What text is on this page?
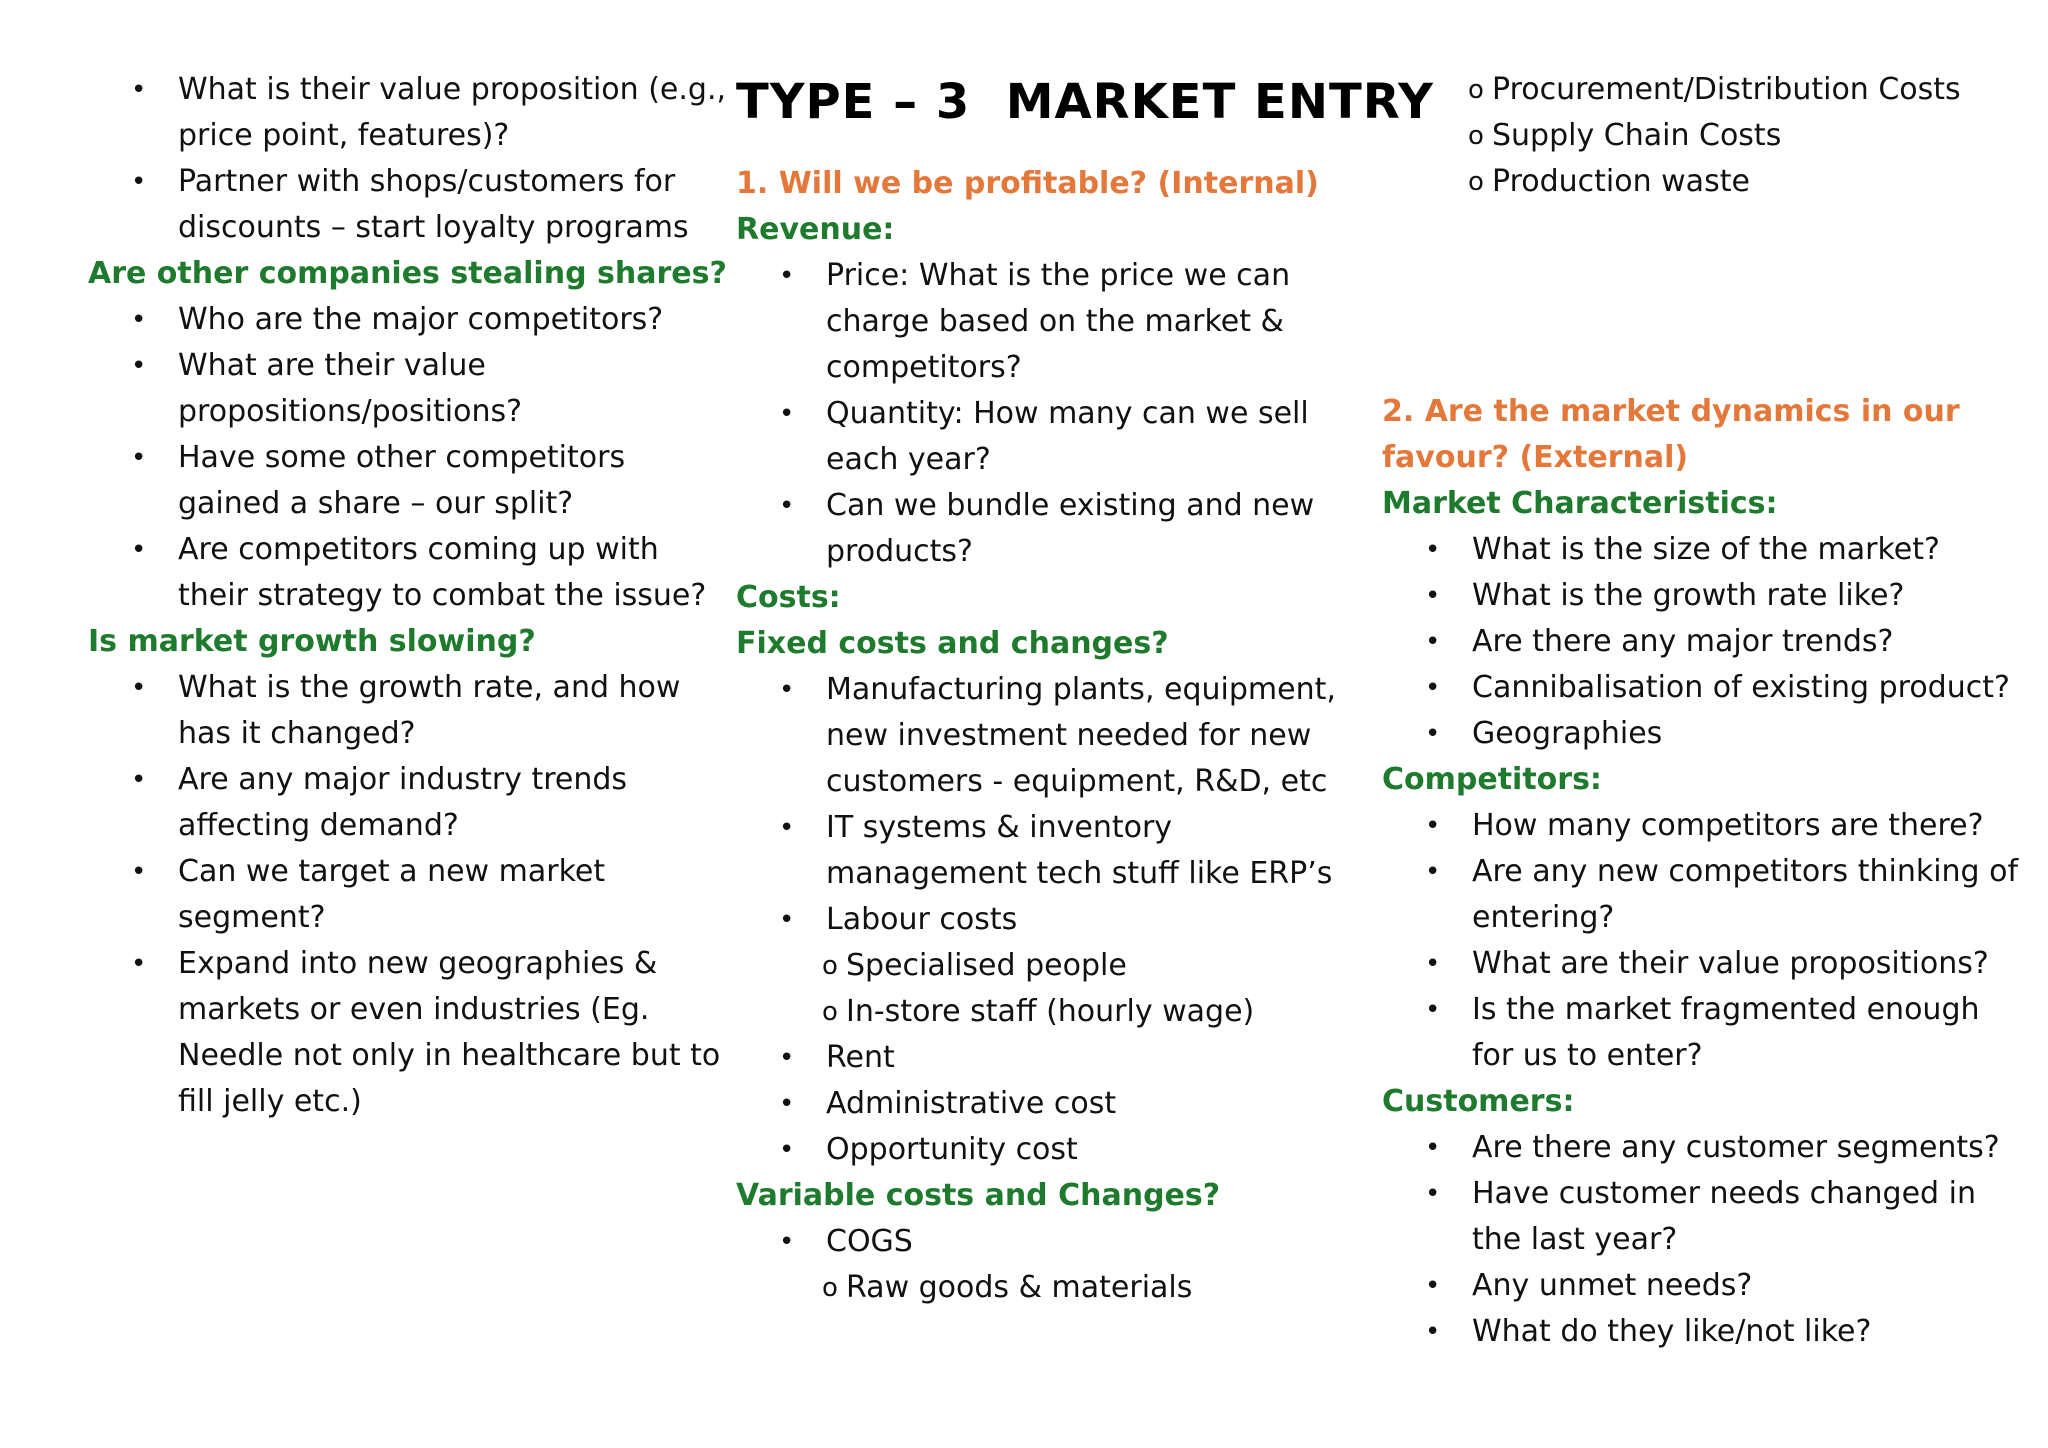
•	What is their value proposition (e.g.,
price point, features)?
•	Partner with shops/customers for
discounts – start loyalty programs
Are other companies stealing shares?
•	Who are the major competitors?
•	What are their value
propositions/positions?
•	Have some other competitors
gained a share – our split?
•	Are competitors coming up with
their strategy to combat the issue?
Is market growth slowing?
•	What is the growth rate, and how
has it changed?
•	Are any major industry trends
affecting demand?
•	Can we target a new market
segment?
•	Expand into new geographies &
markets or even industries (Eg.
Needle not only in healthcare but to
fill jelly etc.)
TYPE – 3  MARKET ENTRY
1. Will we be profitable? (Internal)
Revenue:
•	Price: What is the price we can
charge based on the market &
competitors?
•	Quantity: How many can we sell
each year?
•	Can we bundle existing and new
products?
Costs:
Fixed costs and changes?
•	Manufacturing plants, equipment,
new investment needed for new
customers - equipment, R&D, etc
•	IT systems & inventory
management tech stuff like ERP’s
•	Labour costs
o Specialised people
o In-store staff (hourly wage)
•	Rent
•	Administrative cost
•	Opportunity cost
Variable costs and Changes?
•	COGS
o Raw goods & materials
o Procurement/Distribution Costs
o Supply Chain Costs
o Production waste
2. Are the market dynamics in our
favour? (External)
Market Characteristics:
•	What is the size of the market?
•	What is the growth rate like?
•	Are there any major trends?
•	Cannibalisation of existing product?
•	Geographies
Competitors:
•	How many competitors are there?
•	Are any new competitors thinking of
entering?
•	What are their value propositions?
•	Is the market fragmented enough
for us to enter?
Customers:
•	Are there any customer segments?
•	Have customer needs changed in
the last year?
•	Any unmet needs?
•	What do they like/not like?
